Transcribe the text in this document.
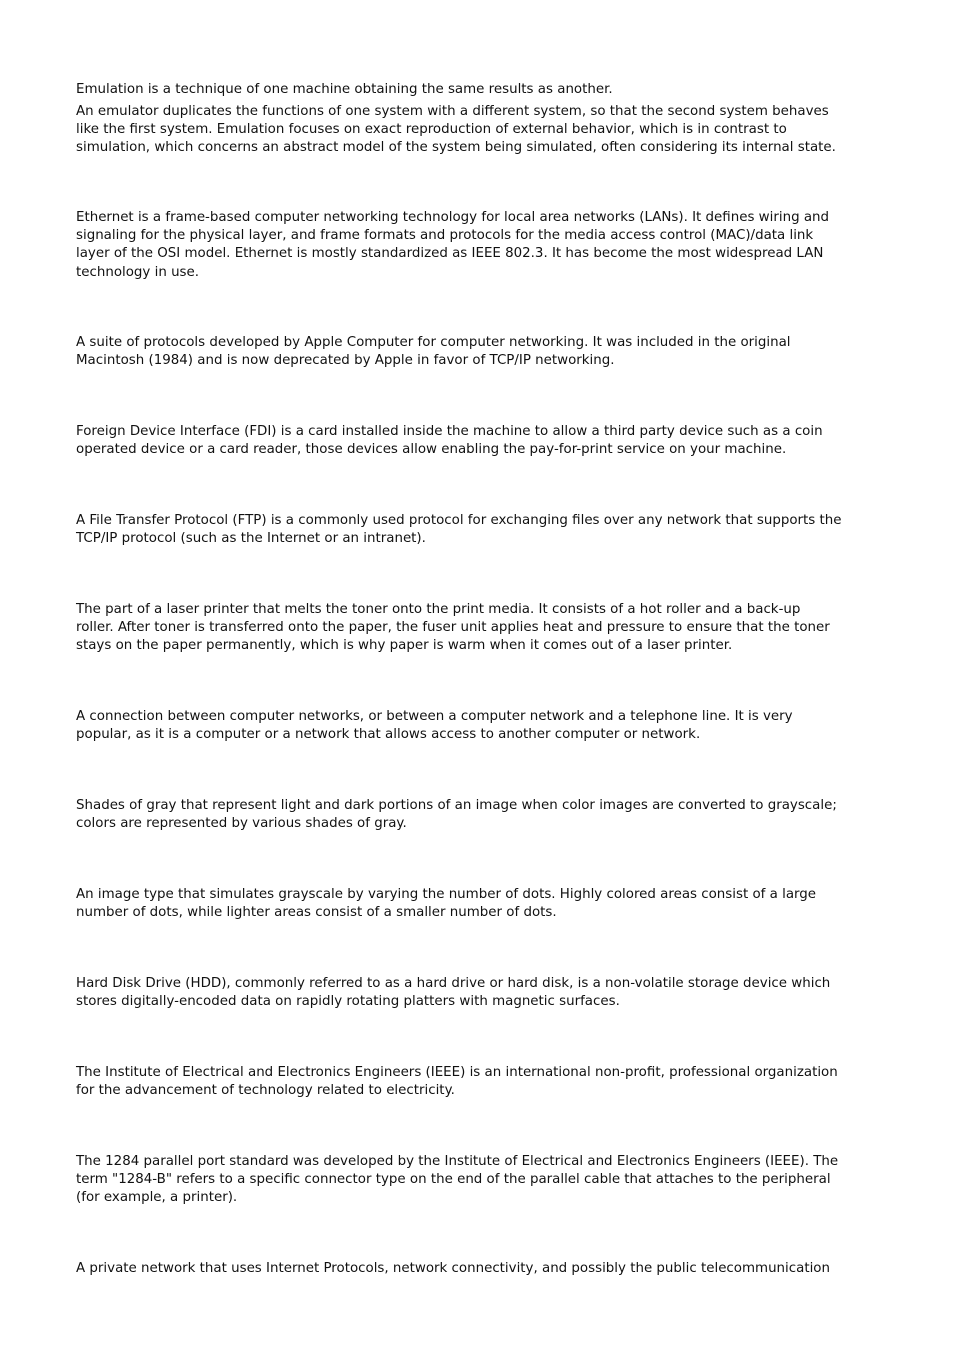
Emulation is a technique of one machine obtaining the same results as another.

An emulator duplicates the functions of one system with a different system, so that the second system behaves
like the first system. Emulation focuses on exact reproduction of external behavior, which is in contrast to
simulation, which concerns an abstract model of the system being simulated, often considering its internal state.

Ethernet is a frame-based computer networking technology for local area networks (LANs). It defines wiring and
signaling for the physical layer, and frame formats and protocols for the media access control (MAC)/data link
layer of the OSI model. Ethernet is mostly standardized as IEEE 802.3. It has become the most widespread LAN
technology in use.

A suite of protocols developed by Apple Computer for computer networking. It was included in the original
Macintosh (1984) and is now deprecated by Apple in favor of TCP/IP networking.

Foreign Device Interface (FDI) is a card installed inside the machine to allow a third party device such as a coin
operated device or a card reader, those devices allow enabling the pay-for-print service on your machine.

A File Transfer Protocol (FTP) is a commonly used protocol for exchanging files over any network that supports the
TCP/IP protocol (such as the Internet or an intranet).

The part of a laser printer that melts the toner onto the print media. It consists of a hot roller and a back-up
roller. After toner is transferred onto the paper, the fuser unit applies heat and pressure to ensure that the toner
stays on the paper permanently, which is why paper is warm when it comes out of a laser printer.

A connection between computer networks, or between a computer network and a telephone line. It is very
popular, as it is a computer or a network that allows access to another computer or network.

Shades of gray that represent light and dark portions of an image when color images are converted to grayscale;
colors are represented by various shades of gray.

An image type that simulates grayscale by varying the number of dots. Highly colored areas consist of a large
number of dots, while lighter areas consist of a smaller number of dots.

Hard Disk Drive (HDD), commonly referred to as a hard drive or hard disk, is a non-volatile storage device which
stores digitally-encoded data on rapidly rotating platters with magnetic surfaces.

The Institute of Electrical and Electronics Engineers (IEEE) is an international non-profit, professional organization
for the advancement of technology related to electricity.

The 1284 parallel port standard was developed by the Institute of Electrical and Electronics Engineers (IEEE). The
term "1284-B" refers to a specific connector type on the end of the parallel cable that attaches to the peripheral
(for example, a printer).

A private network that uses Internet Protocols, network connectivity, and possibly the public telecommunication
